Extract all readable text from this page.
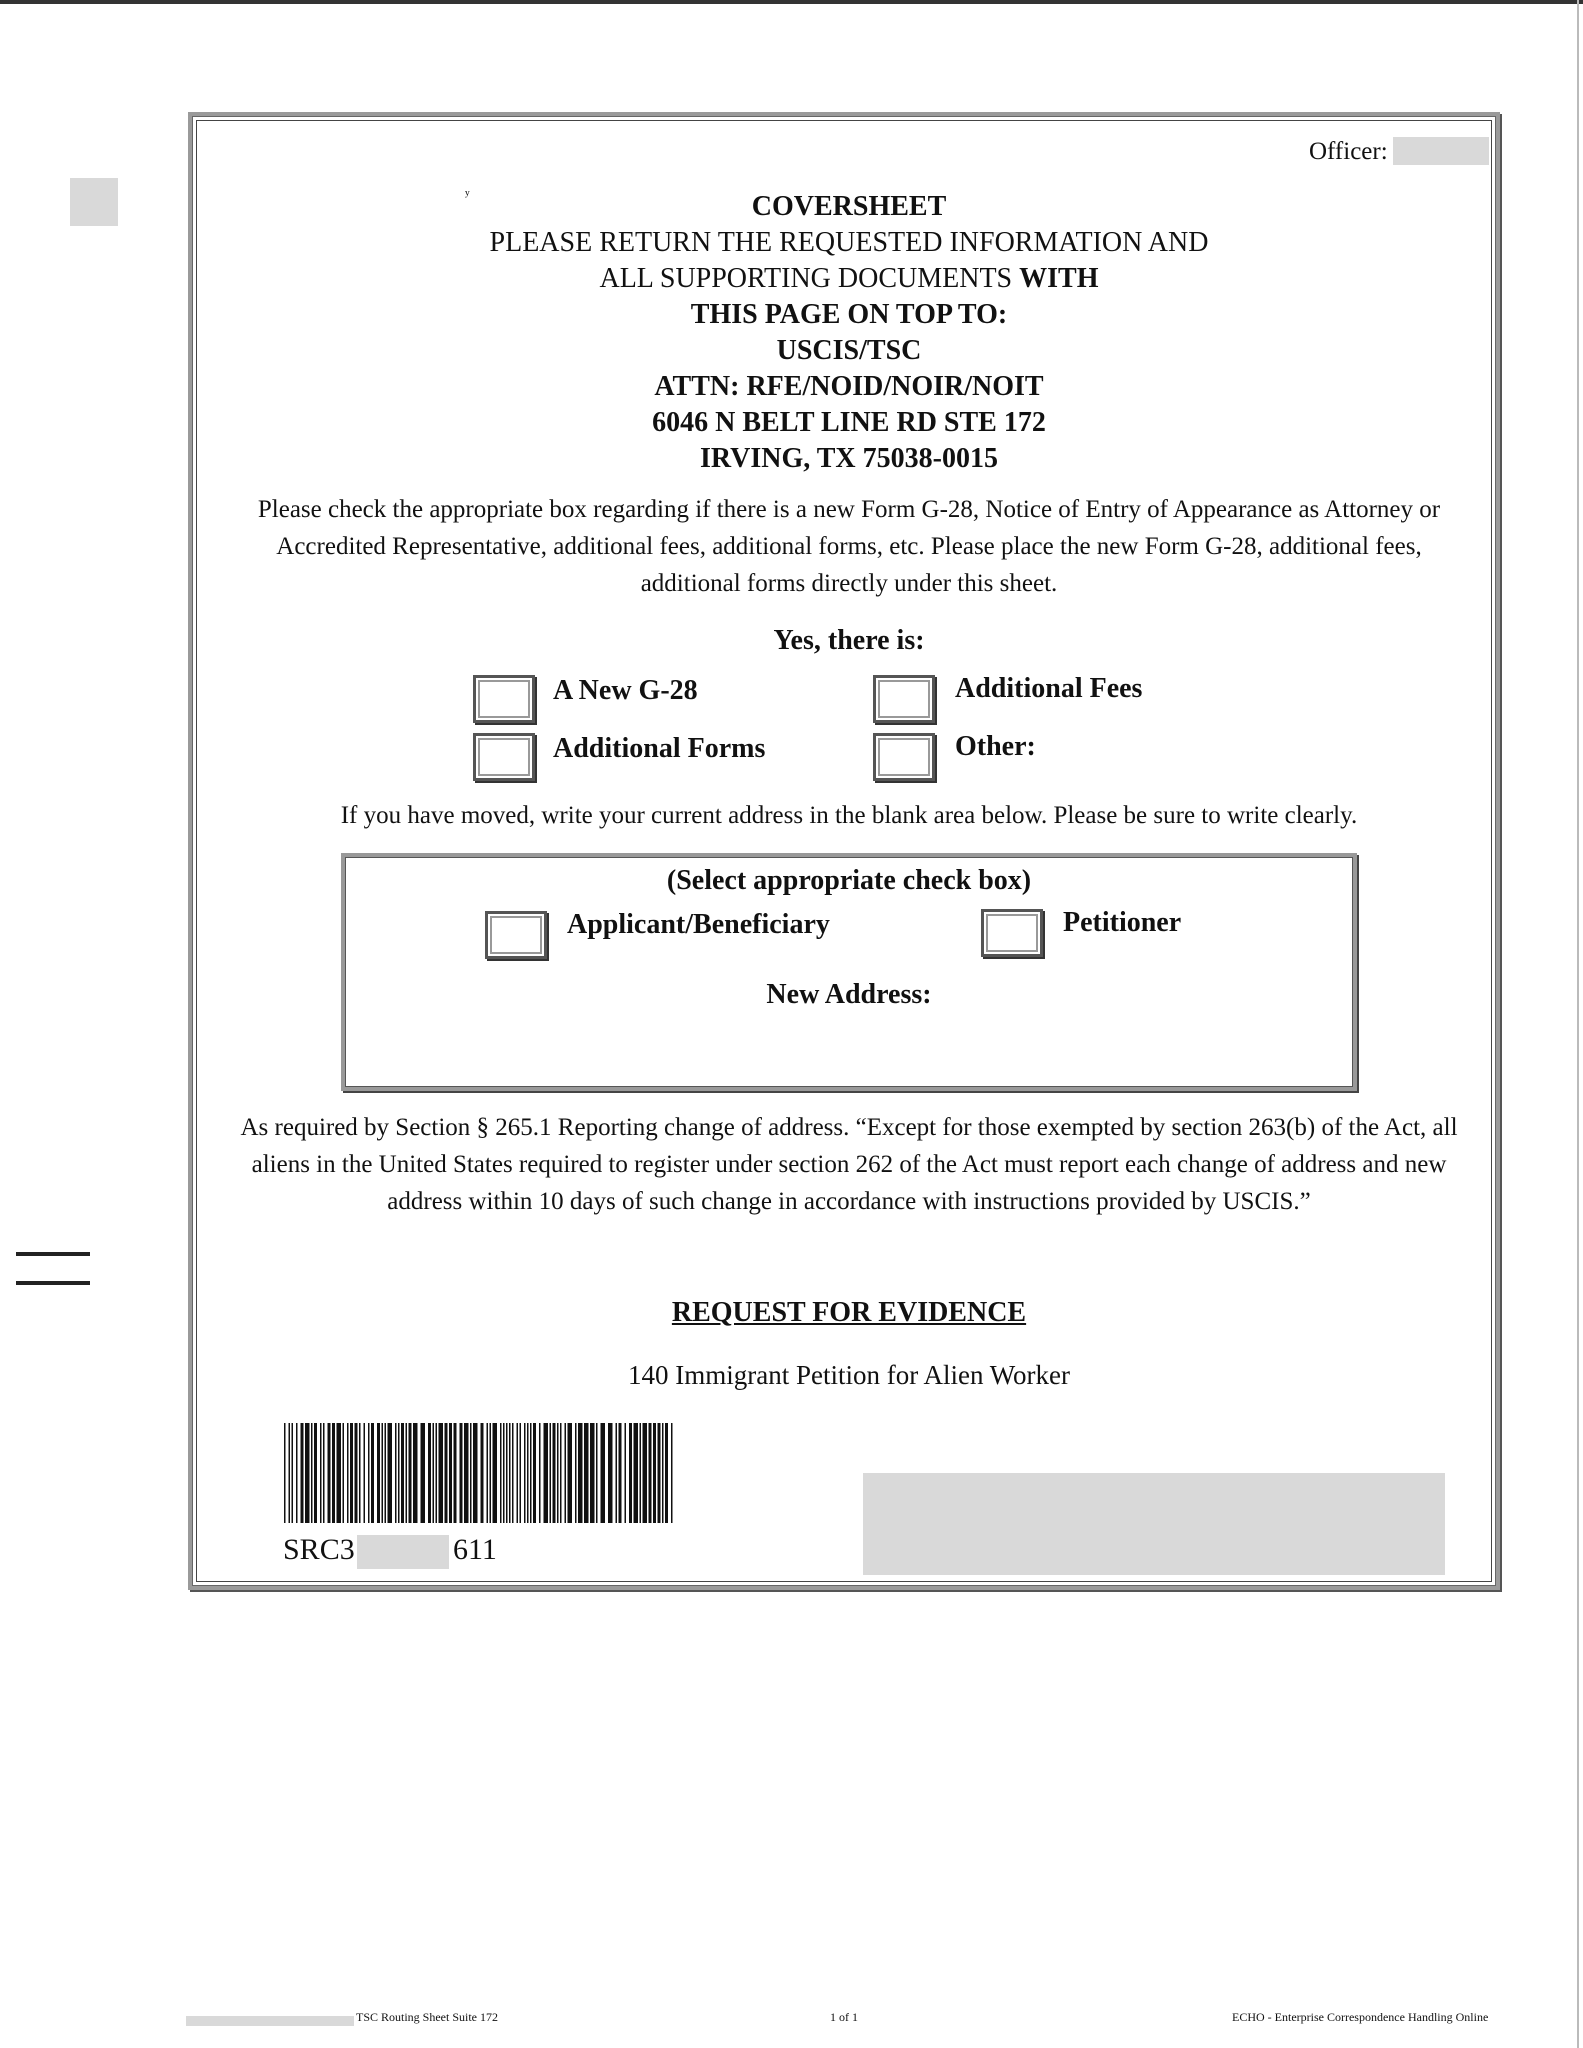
Officer:
ʸ	COVERSHEET
PLEASE RETURN THE REQUESTED INFORMATION AND
ALL SUPPORTING DOCUMENTS WITH
THIS PAGE ON TOP TO:
USCIS/TSC
ATTN: RFE/NOID/NOIR/NOIT
6046 N BELT LINE RD STE 172
IRVING, TX 75038-0015
Please check the appropriate box regarding if there is a new Form G-28, Notice of Entry of Appearance as Attorney or
Accredited Representative, additional fees, additional forms, etc. Please place the new Form G-28, additional fees,
additional forms directly under this sheet.
Yes, there is:
A New G-28	Additional Fees
Additional Forms	Other:
If you have moved, write your current address in the blank area below. Please be sure to write clearly.
(Select appropriate check box)
Applicant/Beneficiary	Petitioner
New Address:
As required by Section § 265.1 Reporting change of address. “Except for those exempted by section 263(b) of the Act, all
aliens in the United States required to register under section 262 of the Act must report each change of address and new
address within 10 days of such change in accordance with instructions provided by USCIS.”
REQUEST FOR EVIDENCE
140 Immigrant Petition for Alien Worker
SRC3	611
TSC Routing Sheet Suite 172	1 of 1	ECHO - Enterprise Correspondence Handling Online
